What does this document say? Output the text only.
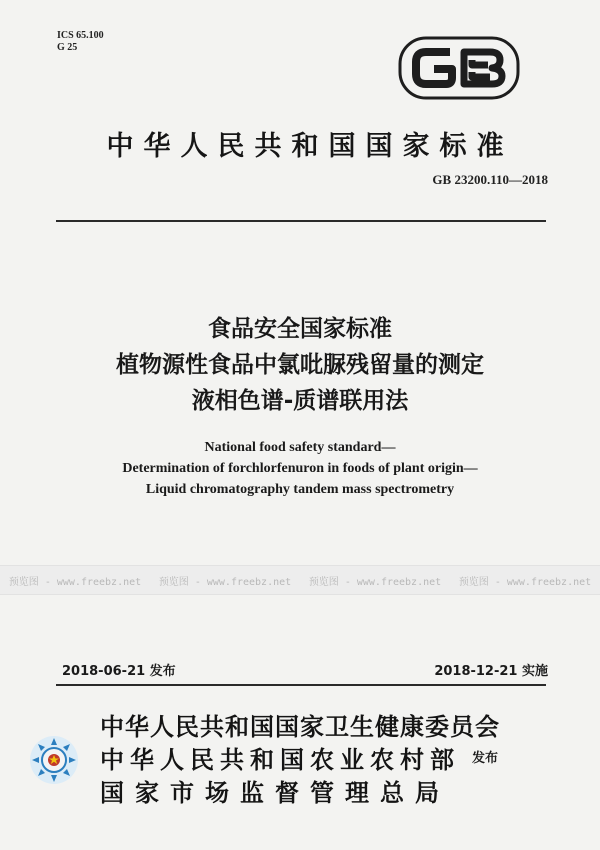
ICS 65.100
G 25
中华人民共和国国家标准
GB 23200.110—2018
食品安全国家标准
植物源性食品中氯吡脲残留量的测定
液相色谱-质谱联用法
National food safety standard—
Determination of forchlorfenuron in foods of plant origin—
Liquid chromatography tandem mass spectrometry
预览图 - www.freebz.net 预览图 - www.freebz.net 预览图 - www.freebz.net 预览图 - www.freebz.net
2018-06-21 发布	2018-12-21 实施
中华人民共和国国家卫生健康委员会
中华人民共和国农业农村部
国家市场监督管理总局
发布
